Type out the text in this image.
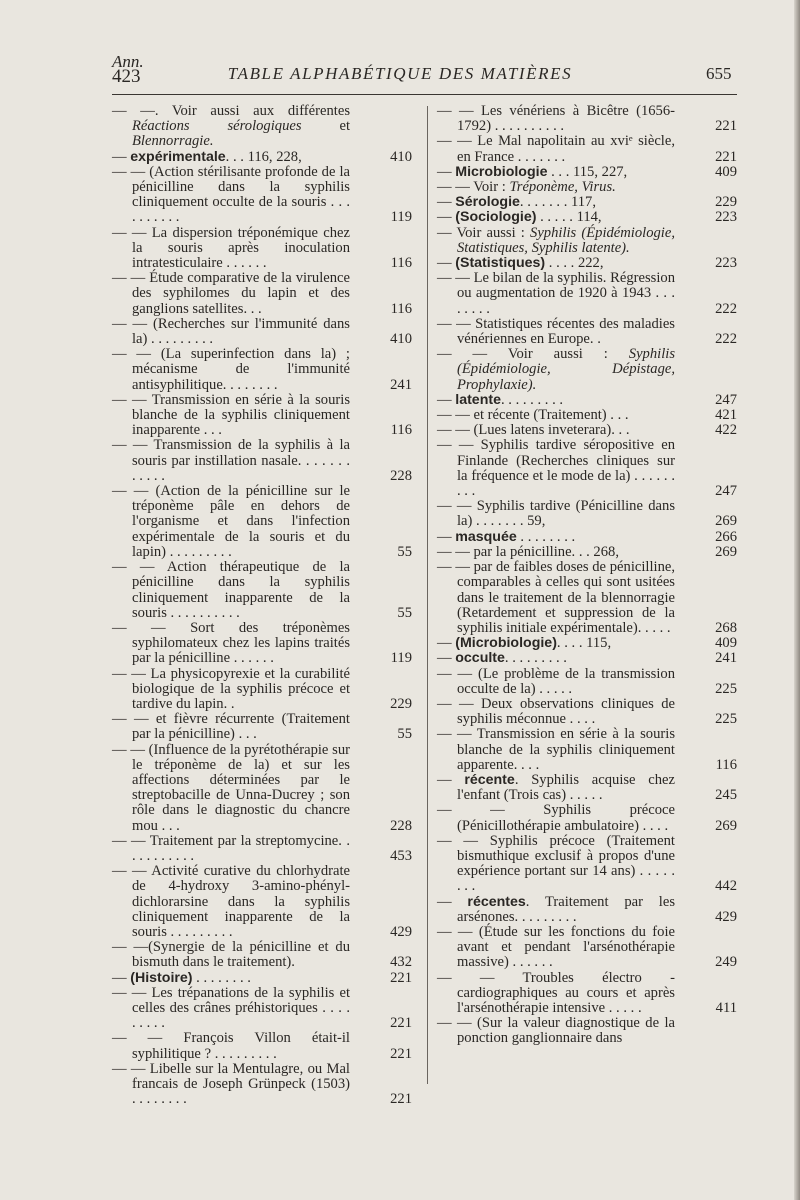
Ann.
423	TABLE ALPHABÉTIQUE DES MATIÈRES	655
— —. Voir aussi aux différentes Réactions sérologiques et Blennorragie.
— expérimentale. . . 116, 228,	410
— — (Action stérilisante profonde de la pénicilline dans la syphilis cliniquement occulte de la souris . . . . . . . . . .	119
— — La dispersion tréponémique chez la souris après inoculation intratesticulaire . . . . . .	116
— — Étude comparative de la virulence des syphilomes du lapin et des ganglions satellites. . .	116
— — (Recherches sur l'immunité dans la) . . . . . . . . .	410
— — (La superinfection dans la) ; mécanisme de l'immunité antisyphilitique. . . . . . . .	241
— — Transmission en série à la souris blanche de la syphilis cliniquement inapparente . . .	116
— — Transmission de la syphilis à la souris par instillation nasale. . . . . . . . . . . .	228
— — (Action de la pénicilline sur le tréponème pâle en dehors de l'organisme et dans l'infection expérimentale de la souris et du lapin) . . . . . . . . .	55
— — Action thérapeutique de la pénicilline dans la syphilis cliniquement inapparente de la souris . . . . . . . . . .	55
— — Sort des tréponèmes syphilomateux chez les lapins traités par la pénicilline . . . . . .	119
— — La physicopyrexie et la curabilité biologique de la syphilis précoce et tardive du lapin. .	229
— — et fièvre récurrente (Traitement par la pénicilline) . . .	55
— — (Influence de la pyrétothérapie sur le tréponème de la) et sur les affections déterminées par le streptobacille de Unna-Ducrey ; son rôle dans le diagnostic du chancre mou . . .	228
— — Traitement par la streptomycine. . . . . . . . . . .	453
— — Activité curative du chlorhydrate de 4-hydroxy 3-amino-phényl-dichlorarsine dans la syphilis cliniquement inapparente de la souris . . . . . . . . .	429
— —(Synergie de la pénicilline et du bismuth dans le traitement).	432
— (Histoire) . . . . . . . .	221
— — Les trépanations de la syphilis et celles des crânes préhistoriques . . . . . . . . .	221
— — François Villon était-il syphilitique ? . . . . . . . . .	221
— — Libelle sur la Mentulagre, ou Mal francais de Joseph Grünpeck (1503) . . . . . . . .	221
— — Les vénériens à Bicêtre (1656-1792) . . . . . . . . . .	221
— — Le Mal napolitain au xviᵉ siècle, en France . . . . . . .	221
— Microbiologie . . . 115, 227,	409
— — Voir : Tréponème, Virus.
— Sérologie. . . . . . . 117,	229
— (Sociologie) . . . . . 114,	223
— Voir aussi : Syphilis (Épidémiologie, Statistiques, Syphilis latente).
— (Statistiques) . . . . 222,	223
— — Le bilan de la syphilis. Régression ou augmentation de 1920 à 1943 . . . . . . . .	222
— — Statistiques récentes des maladies vénériennes en Europe. .	222
— — Voir aussi : Syphilis (Épidémiologie, Dépistage, Prophylaxie).
— latente. . . . . . . . .	247
— — et récente (Traitement) . . .	421
— — (Lues latens inveterara). . .	422
— — Syphilis tardive séropositive en Finlande (Recherches cliniques sur la fréquence et le mode de la) . . . . . . . . .	247
— — Syphilis tardive (Pénicilline dans la) . . . . . . . 59,	269
— masquée . . . . . . . .	266
— — par la pénicilline. . . 268,	269
— — par de faibles doses de pénicilline, comparables à celles qui sont usitées dans le traitement de la blennorragie (Retardement et suppression de la syphilis initiale expérimentale). . . . .	268
— (Microbiologie). . . . 115,	409
— occulte. . . . . . . . .	241
— — (Le problème de la transmission occulte de la) . . . . .	225
— — Deux observations cliniques de syphilis méconnue . . . .	225
— — Transmission en série à la souris blanche de la syphilis cliniquement apparente. . . .	116
— récente. Syphilis acquise chez l'enfant (Trois cas) . . . . .	245
— — Syphilis précoce (Pénicillothérapie ambulatoire) . . . .	269
— — Syphilis précoce (Traitement bismuthique exclusif à propos d'une expérience portant sur 14 ans) . . . . . . . .	442
— récentes. Traitement par les arsénones. . . . . . . . .	429
— — (Étude sur les fonctions du foie avant et pendant l'arsénothérapie massive) . . . . . .	249
— — Troubles électro - cardiographiques au cours et après l'arsénothérapie intensive . . . . .	411
— — (Sur la valeur diagnostique de la ponction ganglionnaire dans
